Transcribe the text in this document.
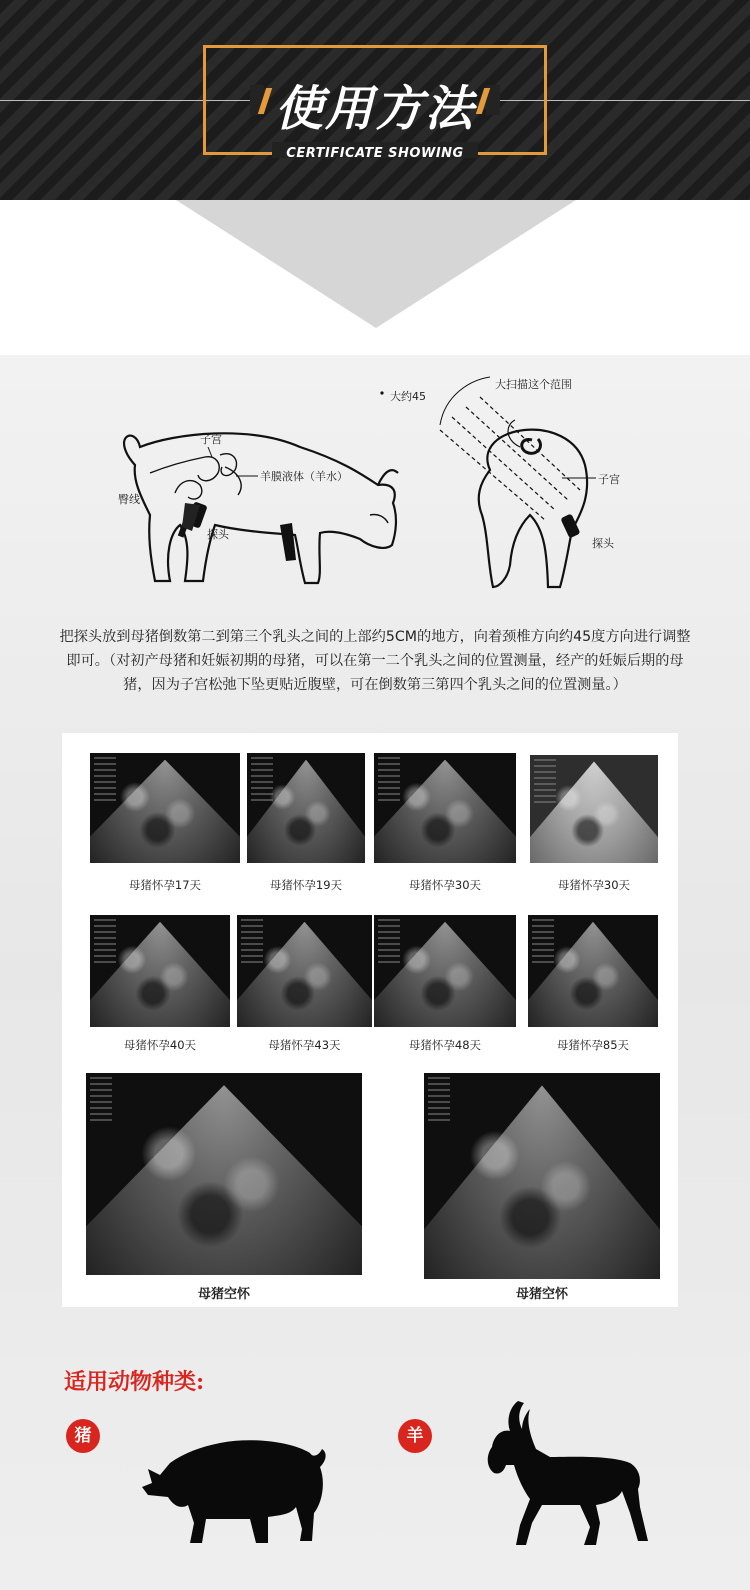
使用方法
CERTIFICATE SHOWING
子宫
羊膜液体（羊水）
臀线
探头
大约45
大扫描这个范围
子宫
探头
把探头放到母猪倒数第二到第三个乳头之间的上部约5CM的地方，向着颈椎方向约45度方向进行调整即可。（对初产母猪和妊娠初期的母猪，可以在第一二个乳头之间的位置测量，经产的妊娠后期的母猪，因为子宫松弛下坠更贴近腹壁，可在倒数第三第四个乳头之间的位置测量。）
母猪怀孕17天	母猪怀孕19天	母猪怀孕30天	母猪怀孕30天
母猪怀孕40天	母猪怀孕43天	母猪怀孕48天	母猪怀孕85天
母猪空怀	母猪空怀
适用动物种类:
猪	羊
